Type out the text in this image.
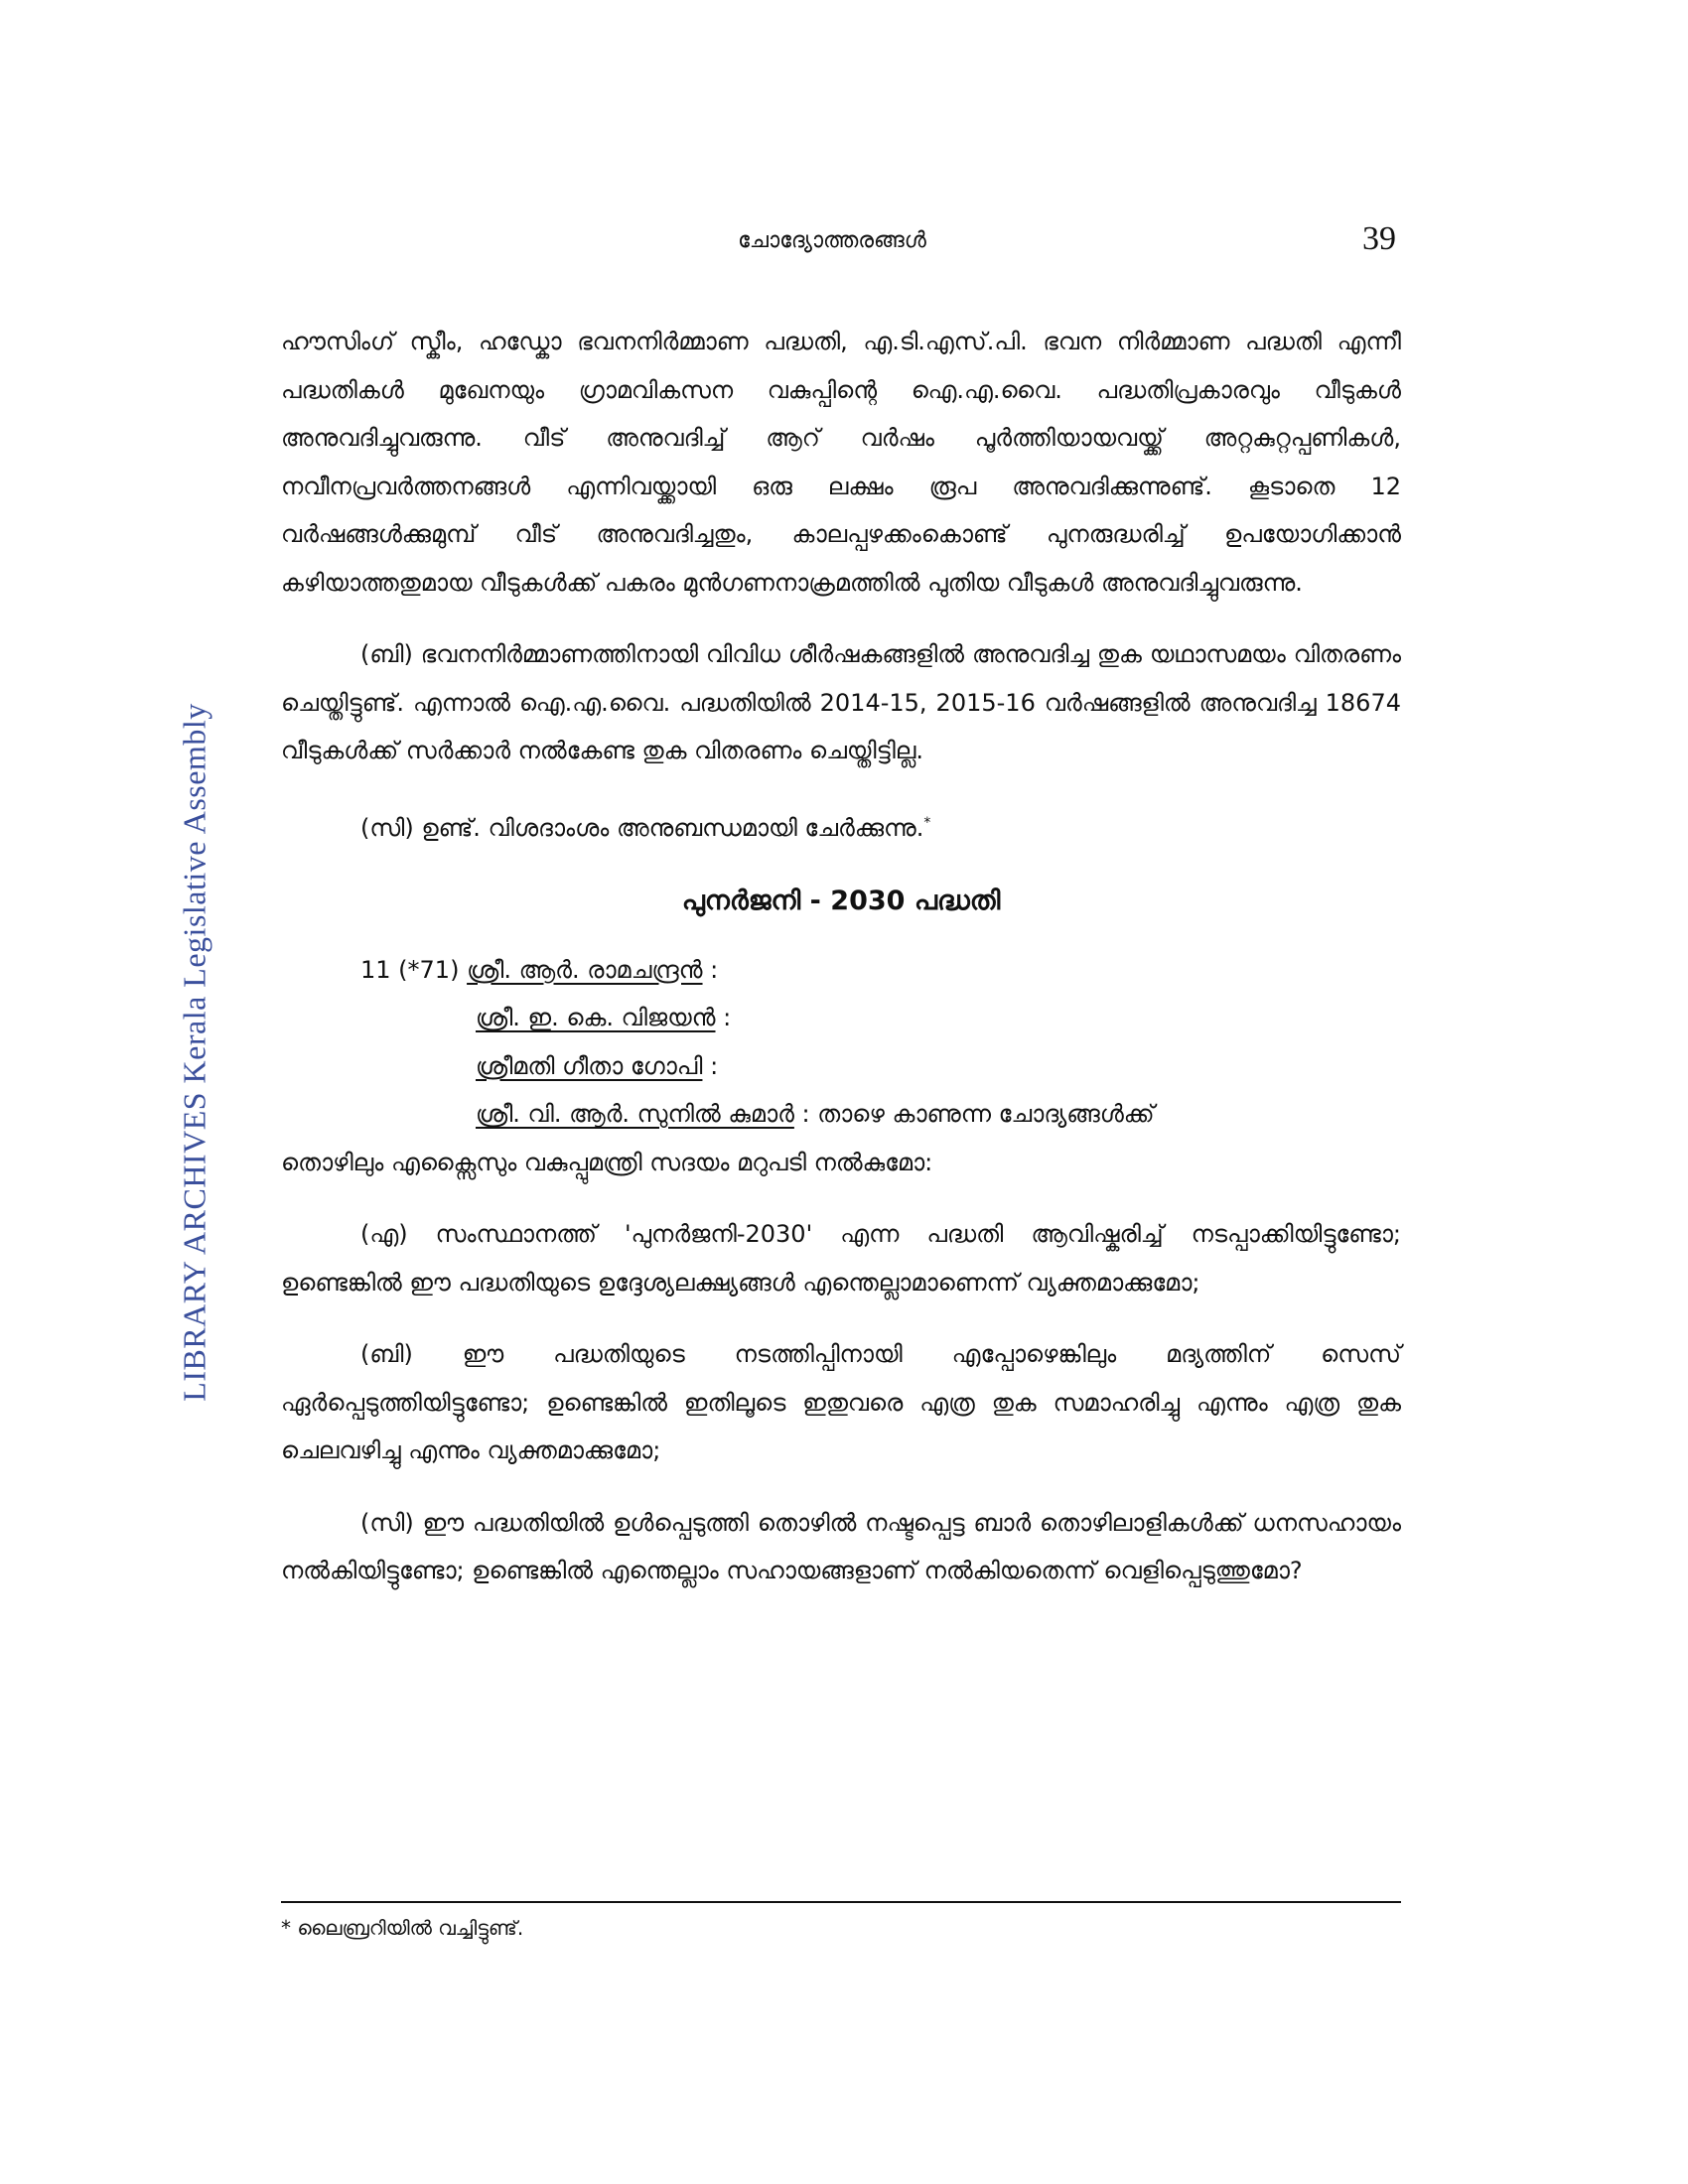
ചോദ്യോത്തരങ്ങൾ	39
LIBRARY ARCHIVES Kerala Legislative Assembly

ഹൗസിംഗ് സ്കീം, ഹഡ്കോ ഭവനനിർമ്മാണ പദ്ധതി, എ.ടി.എസ്.പി. ഭവന നിർമ്മാണ പദ്ധതി എന്നീ പദ്ധതികൾ മുഖേനയും ഗ്രാമവികസന വകുപ്പിന്റെ ഐ.എ.വൈ. പദ്ധതിപ്രകാരവും വീടുകൾ അനുവദിച്ചുവരുന്നു. വീട് അനുവദിച്ച് ആറ് വർഷം പൂർത്തിയായവയ്ക്ക് അറ്റകുറ്റപ്പണികൾ, നവീനപ്രവർത്തനങ്ങൾ എന്നിവയ്ക്കായി ഒരു ലക്ഷം രൂപ അനുവദിക്കുന്നുണ്ട്. കൂടാതെ 12 വർഷങ്ങൾക്കുമുമ്പ് വീട് അനുവദിച്ചതും, കാലപ്പഴക്കംകൊണ്ട് പുനരുദ്ധരിച്ച് ഉപയോഗിക്കാൻ കഴിയാത്തതുമായ വീടുകൾക്ക് പകരം മുൻഗണനാക്രമത്തിൽ പുതിയ വീടുകൾ അനുവദിച്ചുവരുന്നു.

(ബി) ഭവനനിർമ്മാണത്തിനായി വിവിധ ശീർഷകങ്ങളിൽ അനുവദിച്ച തുക യഥാസമയം വിതരണം ചെയ്തിട്ടുണ്ട്. എന്നാൽ ഐ.എ.വൈ. പദ്ധതിയിൽ 2014-15, 2015-16 വർഷങ്ങളിൽ അനുവദിച്ച 18674 വീടുകൾക്ക് സർക്കാർ നൽകേണ്ട തുക വിതരണം ചെയ്തിട്ടില്ല.

(സി) ഉണ്ട്. വിശദാംശം അനുബന്ധമായി ചേർക്കുന്നു.*

പുനർജനി - 2030 പദ്ധതി

11 (*71) ശ്രീ. ആർ. രാമചന്ദ്രൻ :

ശ്രീ. ഇ. കെ. വിജയൻ :

ശ്രീമതി ഗീതാ ഗോപി :

ശ്രീ. വി. ആർ. സുനിൽ കുമാർ : താഴെ കാണുന്ന ചോദ്യങ്ങൾക്ക്

തൊഴിലും എക്സൈസും വകുപ്പുമന്ത്രി സദയം മറുപടി നൽകുമോ:

(എ) സംസ്ഥാനത്ത് 'പുനർജനി-2030' എന്ന പദ്ധതി ആവിഷ്കരിച്ച് നടപ്പാക്കിയിട്ടുണ്ടോ; ഉണ്ടെങ്കിൽ ഈ പദ്ധതിയുടെ ഉദ്ദേശ്യലക്ഷ്യങ്ങൾ എന്തെല്ലാമാണെന്ന് വ്യക്തമാക്കുമോ;

(ബി) ഈ പദ്ധതിയുടെ നടത്തിപ്പിനായി എപ്പോഴെങ്കിലും മദ്യത്തിന് സെസ് ഏർപ്പെടുത്തിയിട്ടുണ്ടോ; ഉണ്ടെങ്കിൽ ഇതിലൂടെ ഇതുവരെ എത്ര തുക സമാഹരിച്ചു എന്നും എത്ര തുക ചെലവഴിച്ചു എന്നും വ്യക്തമാക്കുമോ;

(സി) ഈ പദ്ധതിയിൽ ഉൾപ്പെടുത്തി തൊഴിൽ നഷ്ടപ്പെട്ട ബാർ തൊഴിലാളികൾക്ക് ധനസഹായം നൽകിയിട്ടുണ്ടോ; ഉണ്ടെങ്കിൽ എന്തെല്ലാം സഹായങ്ങളാണ് നൽകിയതെന്ന് വെളിപ്പെടുത്തുമോ?

* ലൈബ്രറിയിൽ വച്ചിട്ടുണ്ട്.
